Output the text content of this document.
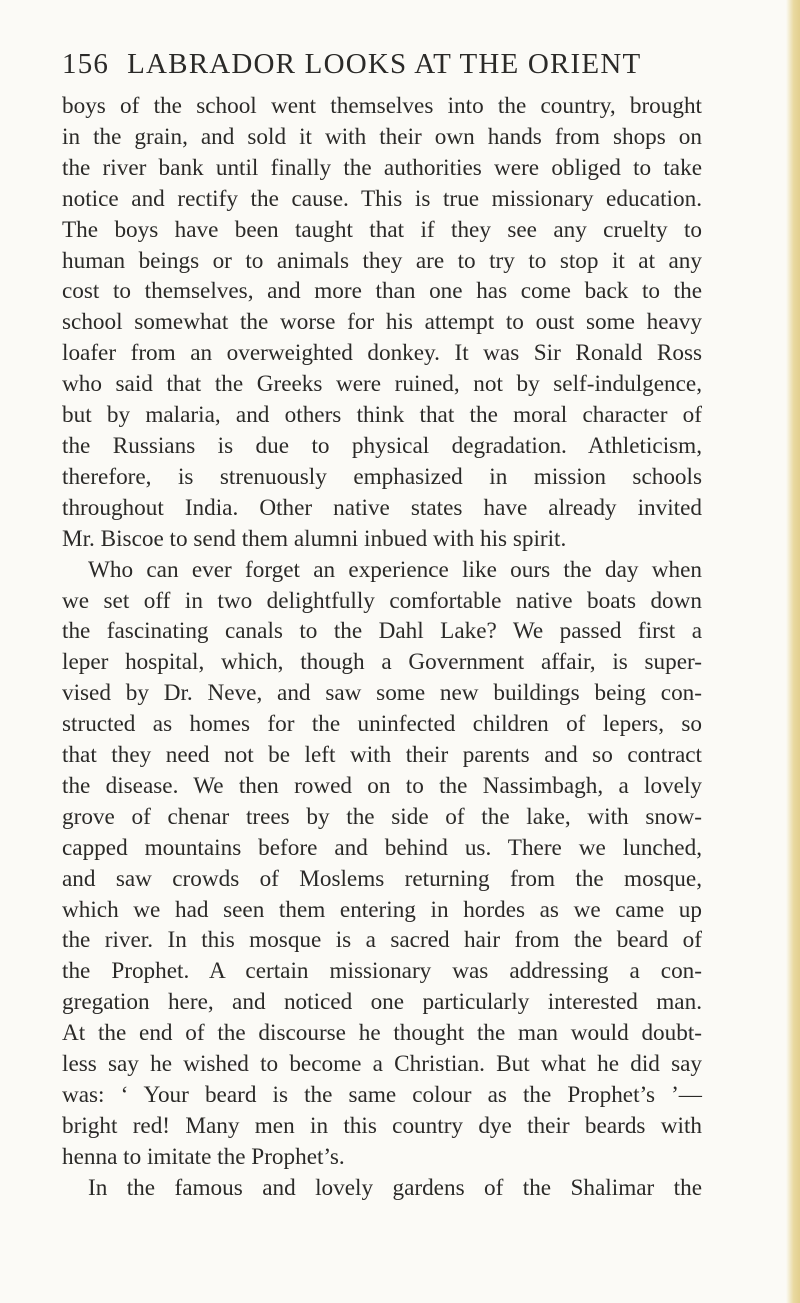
156 LABRADOR LOOKS AT THE ORIENT
boys of the school went themselves into the country, brought
in the grain, and sold it with their own hands from shops on
the river bank until finally the authorities were obliged to take
notice and rectify the cause. This is true missionary education.
The boys have been taught that if they see any cruelty to
human beings or to animals they are to try to stop it at any
cost to themselves, and more than one has come back to the
school somewhat the worse for his attempt to oust some heavy
loafer from an overweighted donkey. It was Sir Ronald Ross
who said that the Greeks were ruined, not by self-indulgence,
but by malaria, and others think that the moral character of
the Russians is due to physical degradation. Athleticism,
therefore, is strenuously emphasized in mission schools
throughout India. Other native states have already invited
Mr. Biscoe to send them alumni inbued with his spirit.
Who can ever forget an experience like ours the day when
we set off in two delightfully comfortable native boats down
the fascinating canals to the Dahl Lake? We passed first a
leper hospital, which, though a Government affair, is super-
vised by Dr. Neve, and saw some new buildings being con-
structed as homes for the uninfected children of lepers, so
that they need not be left with their parents and so contract
the disease. We then rowed on to the Nassimbagh, a lovely
grove of chenar trees by the side of the lake, with snow-
capped mountains before and behind us. There we lunched,
and saw crowds of Moslems returning from the mosque,
which we had seen them entering in hordes as we came up
the river. In this mosque is a sacred hair from the beard of
the Prophet. A certain missionary was addressing a con-
gregation here, and noticed one particularly interested man.
At the end of the discourse he thought the man would doubt-
less say he wished to become a Christian. But what he did say
was: ‘ Your beard is the same colour as the Prophet’s ’—
bright red! Many men in this country dye their beards with
henna to imitate the Prophet’s.
In the famous and lovely gardens of the Shalimar the
